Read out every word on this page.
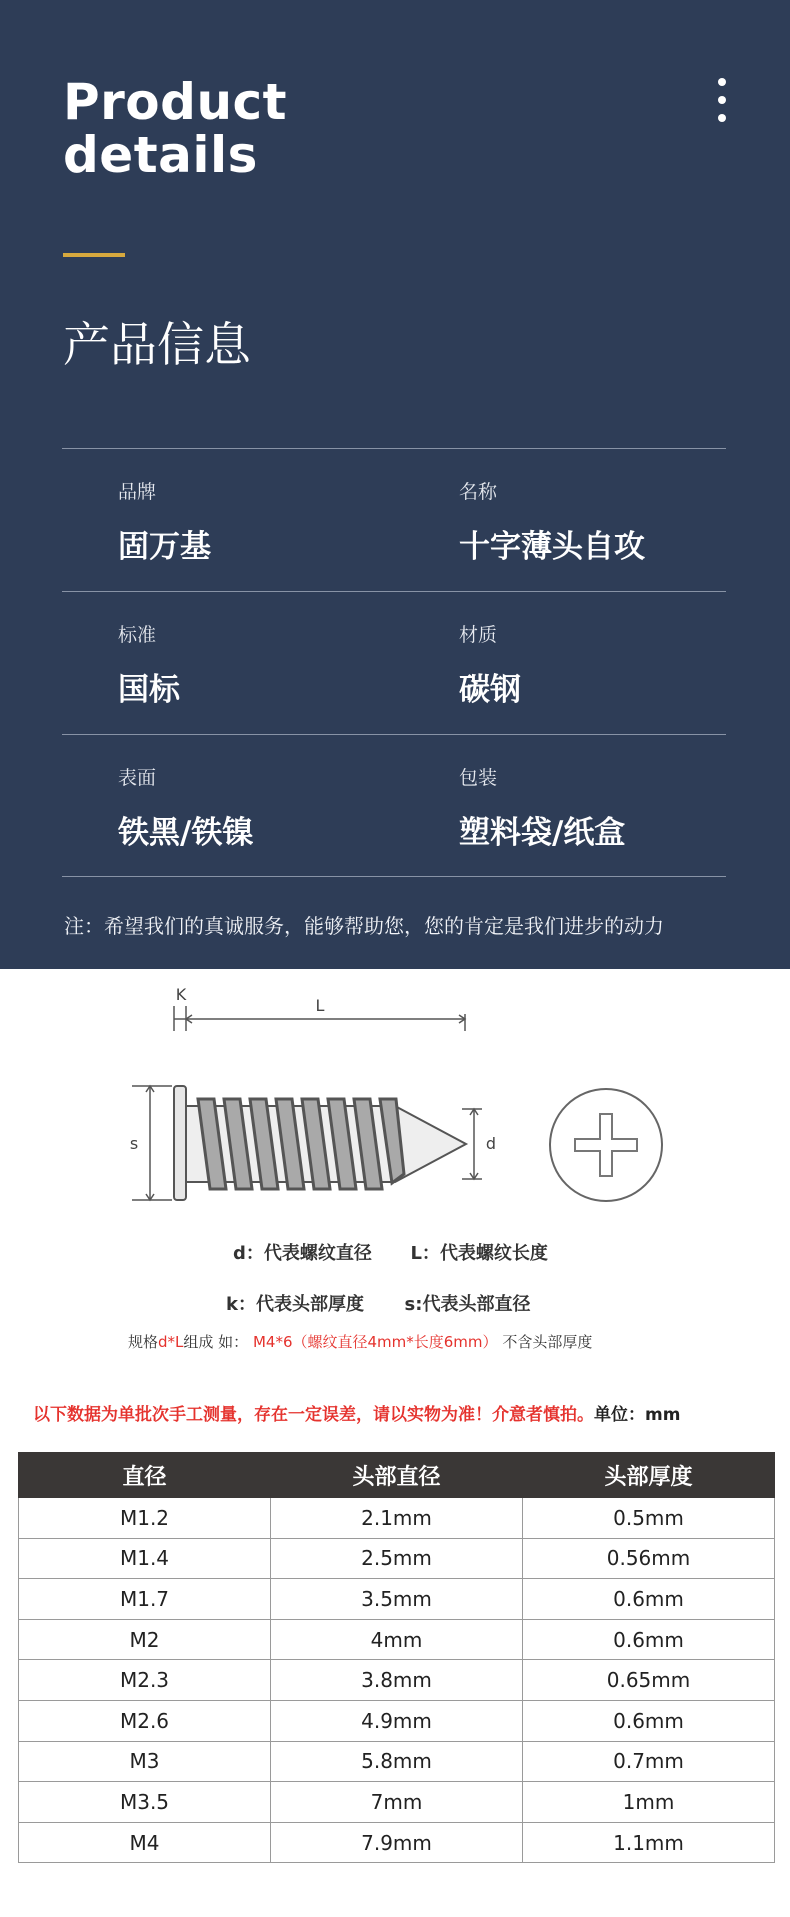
Product
details
产品信息
品牌
固万基
名称
十字薄头自攻
标准
国标
材质
碳钢
表面
铁黑/铁镍
包装
塑料袋/纸盒
注：希望我们的真诚服务，能够帮助您，您的肯定是我们进步的动力
K
L
s	d
d：代表螺纹直径 L：代表螺纹长度
k：代表头部厚度 s:代表头部直径
规格d*L组成 如： M4*6（螺纹直径4mm*长度6mm） 不含头部厚度
以下数据为单批次手工测量，存在一定误差，请以实物为准！介意者慎拍。单位：mm
直径	头部直径	头部厚度
M1.2	2.1mm	0.5mm
M1.4	2.5mm	0.56mm
M1.7	3.5mm	0.6mm
M2	4mm	0.6mm
M2.3	3.8mm	0.65mm
M2.6	4.9mm	0.6mm
M3	5.8mm	0.7mm
M3.5	7mm	1mm
M4	7.9mm	1.1mm
